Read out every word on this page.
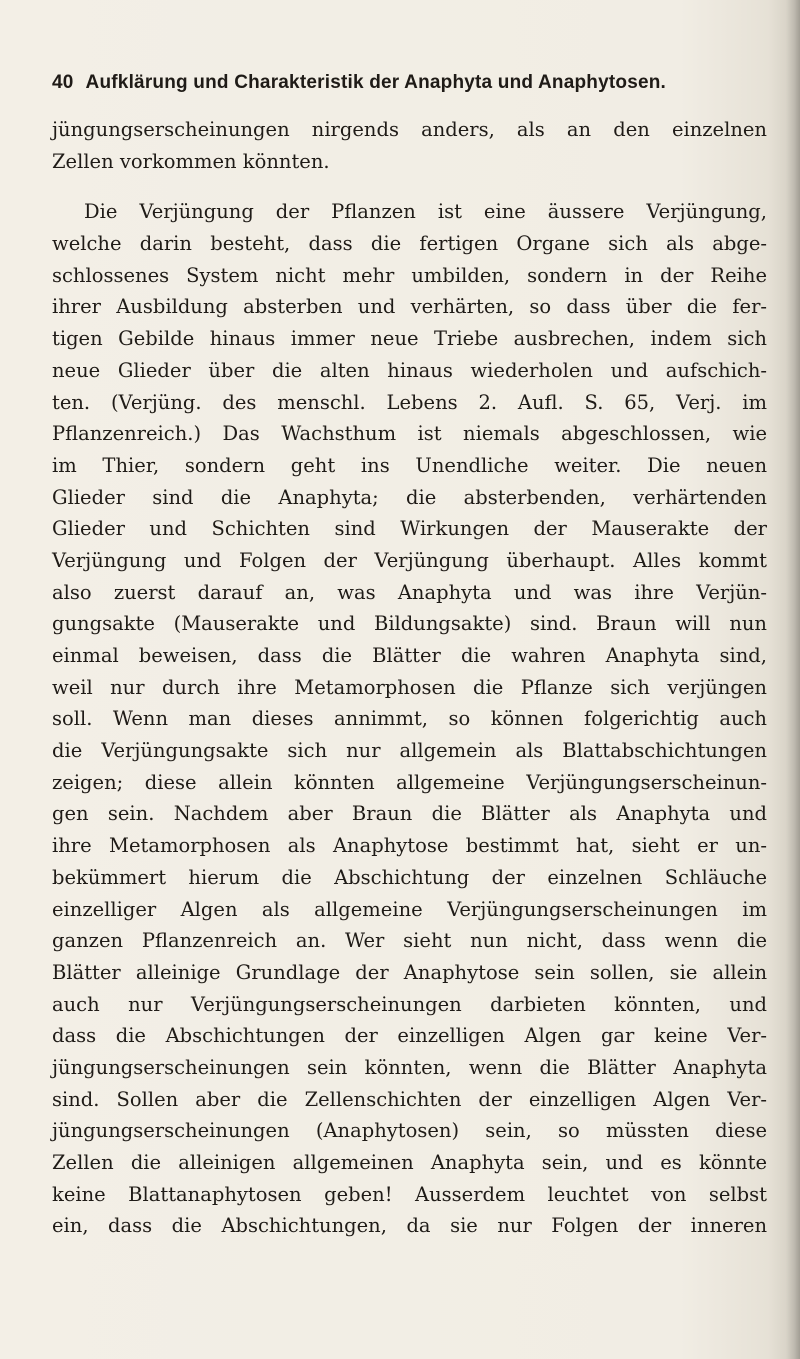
40 Aufklärung und Charakteristik der Anaphyta und Anaphytosen.
jüngungserscheinungen nirgends anders, als an den einzelnen
Zellen vorkommen könnten.
Die Verjüngung der Pflanzen ist eine äussere Verjüngung,
welche darin besteht, dass die fertigen Organe sich als abge-
schlossenes System nicht mehr umbilden, sondern in der Reihe
ihrer Ausbildung absterben und verhärten, so dass über die fer-
tigen Gebilde hinaus immer neue Triebe ausbrechen, indem sich
neue Glieder über die alten hinaus wiederholen und aufschich-
ten. (Verjüng. des menschl. Lebens 2. Aufl. S. 65, Verj. im
Pflanzenreich.) Das Wachsthum ist niemals abgeschlossen, wie
im Thier, sondern geht ins Unendliche weiter. Die neuen
Glieder sind die Anaphyta; die absterbenden, verhärtenden
Glieder und Schichten sind Wirkungen der Mauserakte der
Verjüngung und Folgen der Verjüngung überhaupt. Alles kommt
also zuerst darauf an, was Anaphyta und was ihre Verjün-
gungsakte (Mauserakte und Bildungsakte) sind. Braun will nun
einmal beweisen, dass die Blätter die wahren Anaphyta sind,
weil nur durch ihre Metamorphosen die Pflanze sich verjüngen
soll. Wenn man dieses annimmt, so können folgerichtig auch
die Verjüngungsakte sich nur allgemein als Blattabschichtungen
zeigen; diese allein könnten allgemeine Verjüngungserscheinun-
gen sein. Nachdem aber Braun die Blätter als Anaphyta und
ihre Metamorphosen als Anaphytose bestimmt hat, sieht er un-
bekümmert hierum die Abschichtung der einzelnen Schläuche
einzelliger Algen als allgemeine Verjüngungserscheinungen im
ganzen Pflanzenreich an. Wer sieht nun nicht, dass wenn die
Blätter alleinige Grundlage der Anaphytose sein sollen, sie allein
auch nur Verjüngungserscheinungen darbieten könnten, und
dass die Abschichtungen der einzelligen Algen gar keine Ver-
jüngungserscheinungen sein könnten, wenn die Blätter Anaphyta
sind. Sollen aber die Zellenschichten der einzelligen Algen Ver-
jüngungserscheinungen (Anaphytosen) sein, so müssten diese
Zellen die alleinigen allgemeinen Anaphyta sein, und es könnte
keine Blattanaphytosen geben! Ausserdem leuchtet von selbst
ein, dass die Abschichtungen, da sie nur Folgen der inneren
